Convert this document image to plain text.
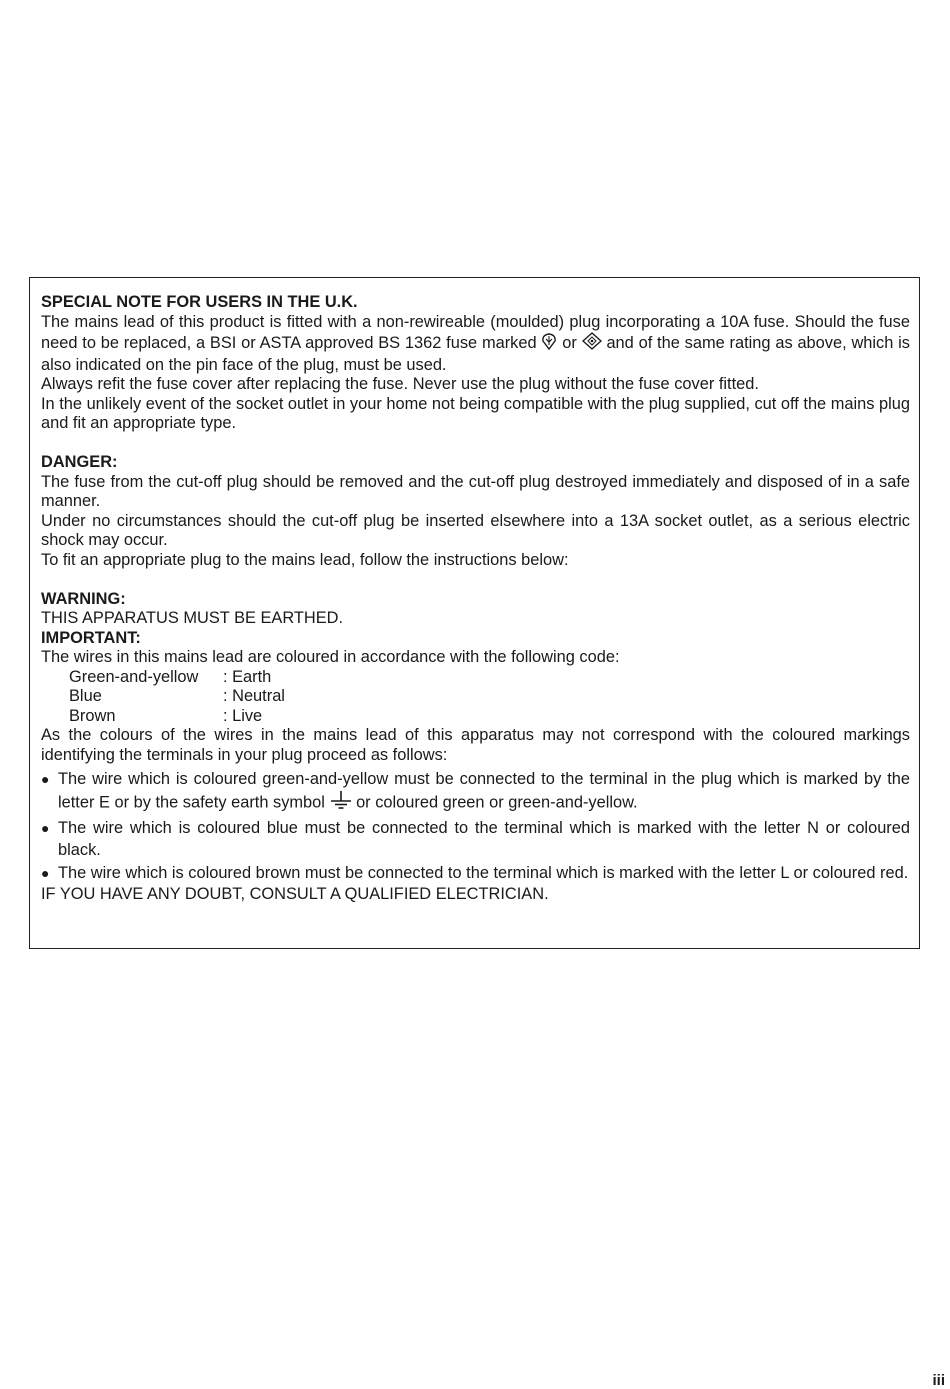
SPECIAL NOTE FOR USERS IN THE U.K.

The mains lead of this product is fitted with a non-rewireable (moulded) plug incorporating a 10A fuse. Should the fuse need to be replaced, a BSI or ASTA approved BS 1362 fuse marked or and of the same rating as above, which is also indicated on the pin face of the plug, must be used.

Always refit the fuse cover after replacing the fuse. Never use the plug without the fuse cover fitted.

In the unlikely event of the socket outlet in your home not being compatible with the plug supplied, cut off the mains plug and fit an appropriate type.

DANGER:

The fuse from the cut-off plug should be removed and the cut-off plug destroyed immediately and disposed of in a safe manner.

Under no circumstances should the cut-off plug be inserted elsewhere into a 13A socket outlet, as a serious electric shock may occur.

To fit an appropriate plug to the mains lead, follow the instructions below:

WARNING:

THIS APPARATUS MUST BE EARTHED.

IMPORTANT:

The wires in this mains lead are coloured in accordance with the following code:

Green-and-yellow	: Earth
Blue	: Neutral
Brown	: Live

As the colours of the wires in the mains lead of this apparatus may not correspond with the coloured markings identifying the terminals in your plug proceed as follows:

● The wire which is coloured green-and-yellow must be connected to the terminal in the plug which is marked by the letter E or by the safety earth symbol or coloured green or green-and-yellow.
● The wire which is coloured blue must be connected to the terminal which is marked with the letter N or coloured black.
● The wire which is coloured brown must be connected to the terminal which is marked with the letter L or coloured red.

IF YOU HAVE ANY DOUBT, CONSULT A QUALIFIED ELECTRICIAN.

iii
